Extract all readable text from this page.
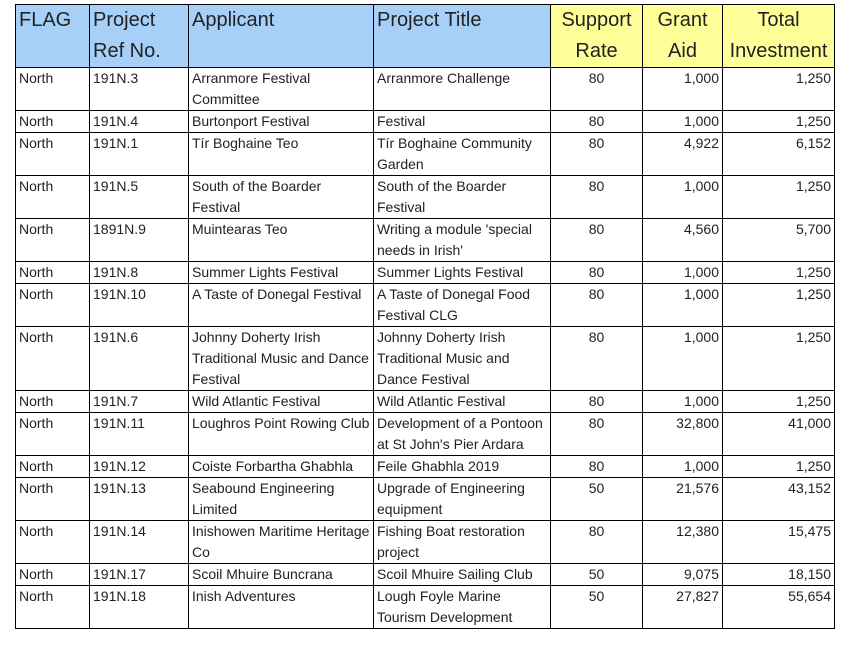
FLAG	Project Ref No.	Applicant	Project Title	Support Rate	Grant Aid	Total Investment
North	191N.3	Arranmore Festival Committee	Arranmore Challenge	80	1,000	1,250
North	191N.4	Burtonport Festival	Festival	80	1,000	1,250
North	191N.1	Tír Boghaine Teo	Tír Boghaine Community Garden	80	4,922	6,152
North	191N.5	South of the Boarder Festival	South of the Boarder Festival	80	1,000	1,250
North	1891N.9	Muintearas Teo	Writing a module 'special needs in Irish'	80	4,560	5,700
North	191N.8	Summer Lights Festival	Summer Lights Festival	80	1,000	1,250
North	191N.10	A Taste of Donegal Festival	A Taste of Donegal Food Festival CLG	80	1,000	1,250
North	191N.6	Johnny Doherty Irish Traditional Music and Dance Festival	Johnny Doherty Irish Traditional Music and Dance Festival	80	1,000	1,250
North	191N.7	Wild Atlantic Festival	Wild Atlantic Festival	80	1,000	1,250
North	191N.11	Loughros Point Rowing Club	Development of a Pontoon at St John's Pier Ardara	80	32,800	41,000
North	191N.12	Coiste Forbartha Ghabhla	Feile Ghabhla 2019	80	1,000	1,250
North	191N.13	Seabound Engineering Limited	Upgrade of Engineering equipment	50	21,576	43,152
North	191N.14	Inishowen Maritime Heritage Co	Fishing Boat restoration project	80	12,380	15,475
North	191N.17	Scoil Mhuire Buncrana	Scoil Mhuire Sailing Club	50	9,075	18,150
North	191N.18	Inish Adventures	Lough Foyle Marine Tourism Development	50	27,827	55,654
